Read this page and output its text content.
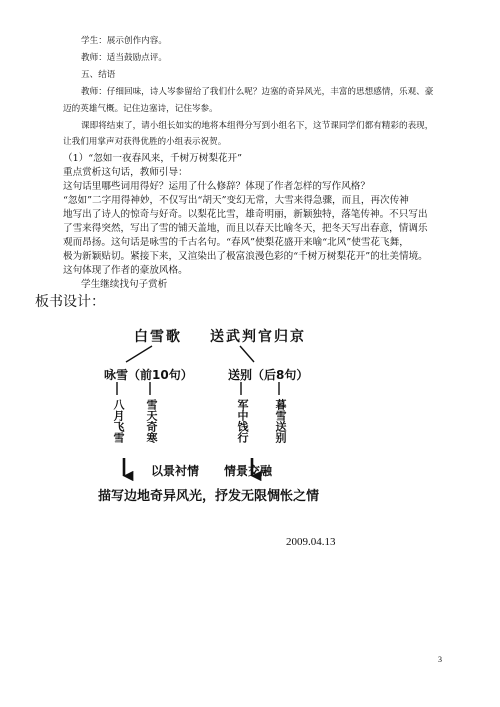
学生：展示创作内容。
教师：适当鼓励点评。
五、结语
教师：仔细回味，诗人岑参留给了我们什么呢？边塞的奇异风光，丰富的思想感情，乐观、豪
迈的英雄气概。记住边塞诗，记住岑参。
课即将结束了，请小组长如实的地将本组得分写到小组名下，这节课同学们都有精彩的表现，
让我们用掌声对获得优胜的小组表示祝贺。
（1）“忽如一夜春风来，千树万树梨花开”
重点赏析这句话，教师引导：
这句话里哪些词用得好？运用了什么修辞？体现了作者怎样的写作风格？
“忽如”二字用得神妙，不仅写出“胡天”变幻无常，大雪来得急骤，而且，再次传神
地写出了诗人的惊奇与好奇。以梨花比雪，雄奇明丽，新颖独特，落笔传神。不只写出
了雪来得突然，写出了雪的铺天盖地，而且以春天比喻冬天，把冬天写出春意，情调乐
观而昂扬。这句话是咏雪的千古名句。“春风”使梨花盛开来喻“北风”使雪花飞舞，
极为新颖贴切。紧接下来，又渲染出了极富浪漫色彩的“千树万树梨花开”的壮美情境。
这句体现了作者的豪放风格。
学生继续找句子赏析
板书设计：
白雪歌 送武判官归京
咏雪（前10句）	送别（后8句）
八月飞雪 雪天奇寒	军中饯行 暮雪送别
以景衬情 情景交融
描写边地奇异风光，抒发无限惆怅之情
2009.04.13
3
